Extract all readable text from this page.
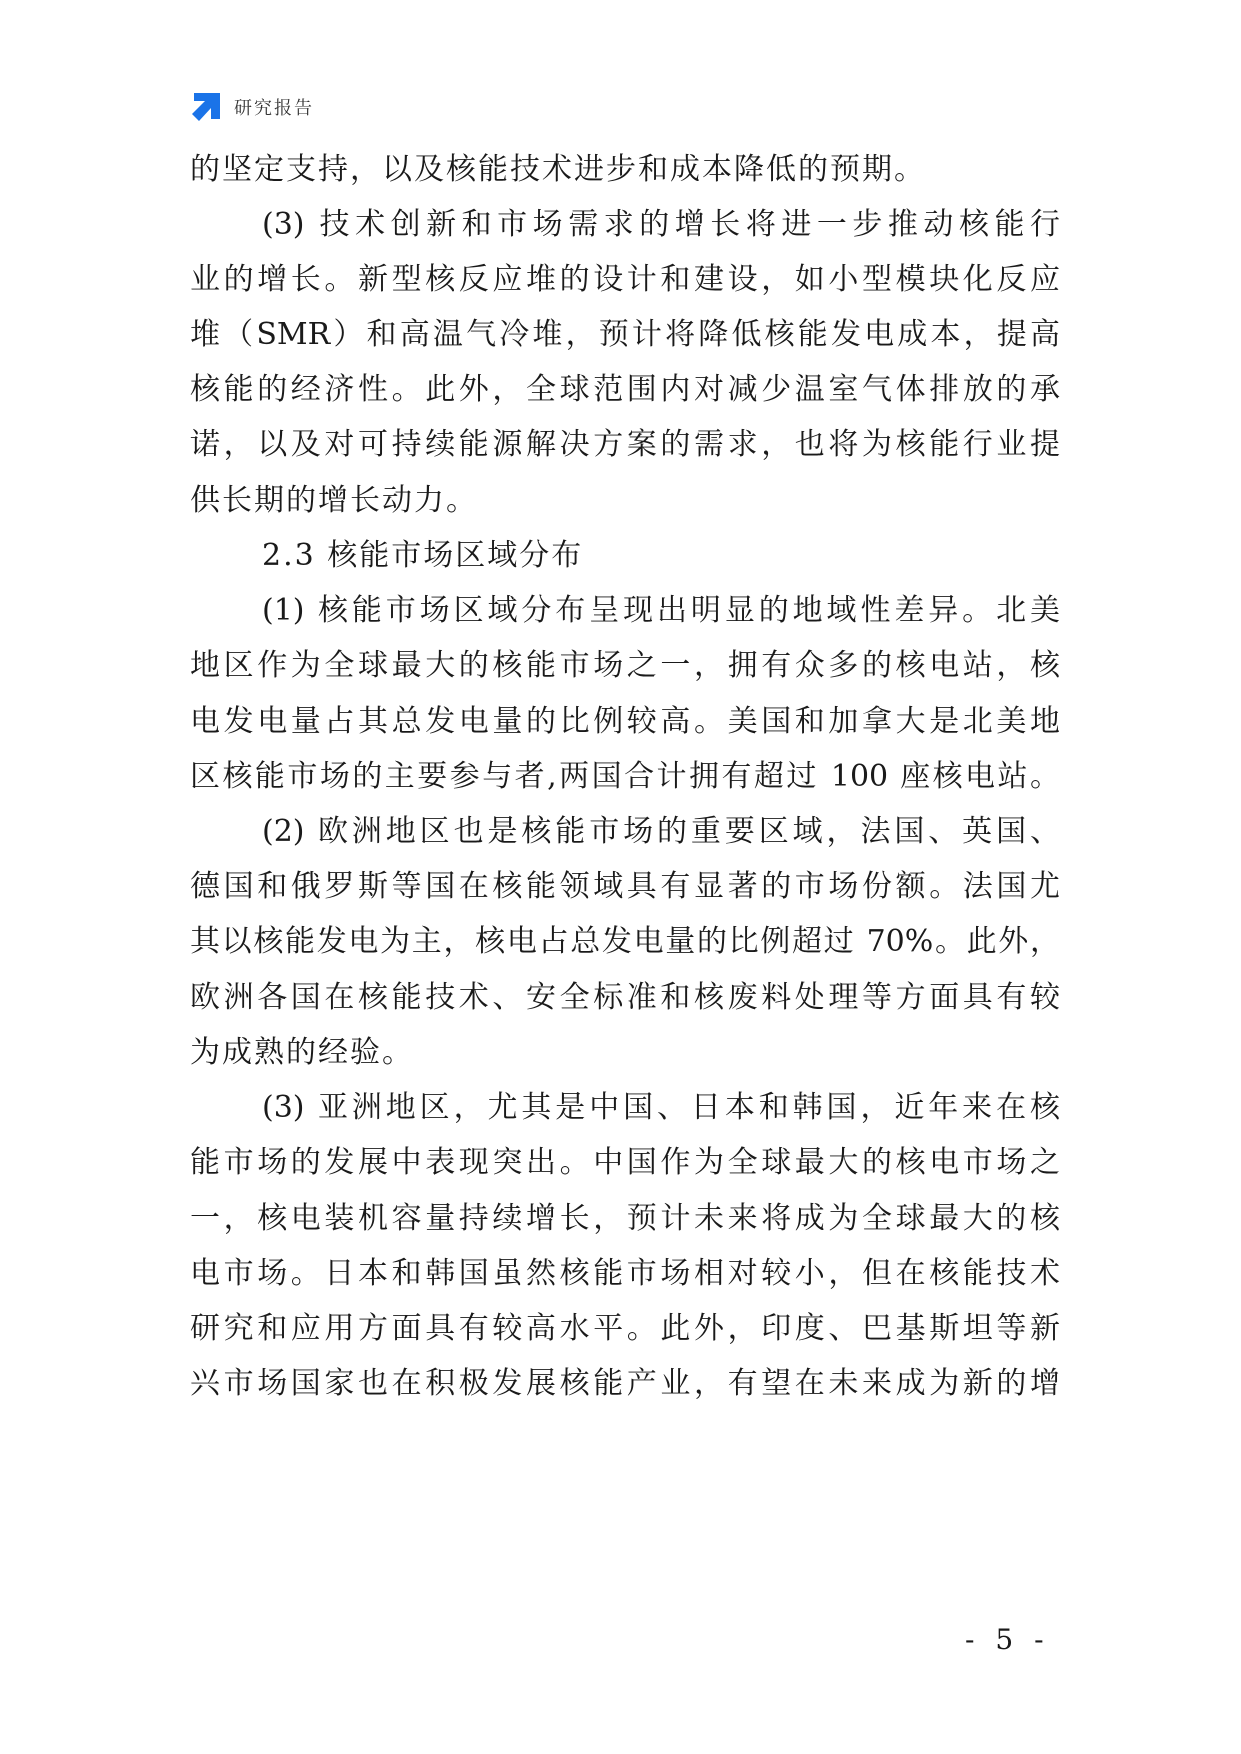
研究报告
的坚定支持，以及核能技术进步和成本降低的预期。
(3) 技术创新和市场需求的增长将进一步推动核能行
业的增长。新型核反应堆的设计和建设，如小型模块化反应
堆（SMR）和高温气冷堆，预计将降低核能发电成本，提高
核能的经济性。此外，全球范围内对减少温室气体排放的承
诺，以及对可持续能源解决方案的需求，也将为核能行业提
供长期的增长动力。
2.3 核能市场区域分布
(1) 核能市场区域分布呈现出明显的地域性差异。北美
地区作为全球最大的核能市场之一，拥有众多的核电站，核
电发电量占其总发电量的比例较高。美国和加拿大是北美地
区核能市场的主要参与者,两国合计拥有超过 100 座核电站。
(2) 欧洲地区也是核能市场的重要区域，法国、英国、
德国和俄罗斯等国在核能领域具有显著的市场份额。法国尤
其以核能发电为主，核电占总发电量的比例超过 70%。此外，
欧洲各国在核能技术、安全标准和核废料处理等方面具有较
为成熟的经验。
(3) 亚洲地区，尤其是中国、日本和韩国，近年来在核
能市场的发展中表现突出。中国作为全球最大的核电市场之
一，核电装机容量持续增长，预计未来将成为全球最大的核
电市场。日本和韩国虽然核能市场相对较小，但在核能技术
研究和应用方面具有较高水平。此外，印度、巴基斯坦等新
兴市场国家也在积极发展核能产业，有望在未来成为新的增
- 5 -
